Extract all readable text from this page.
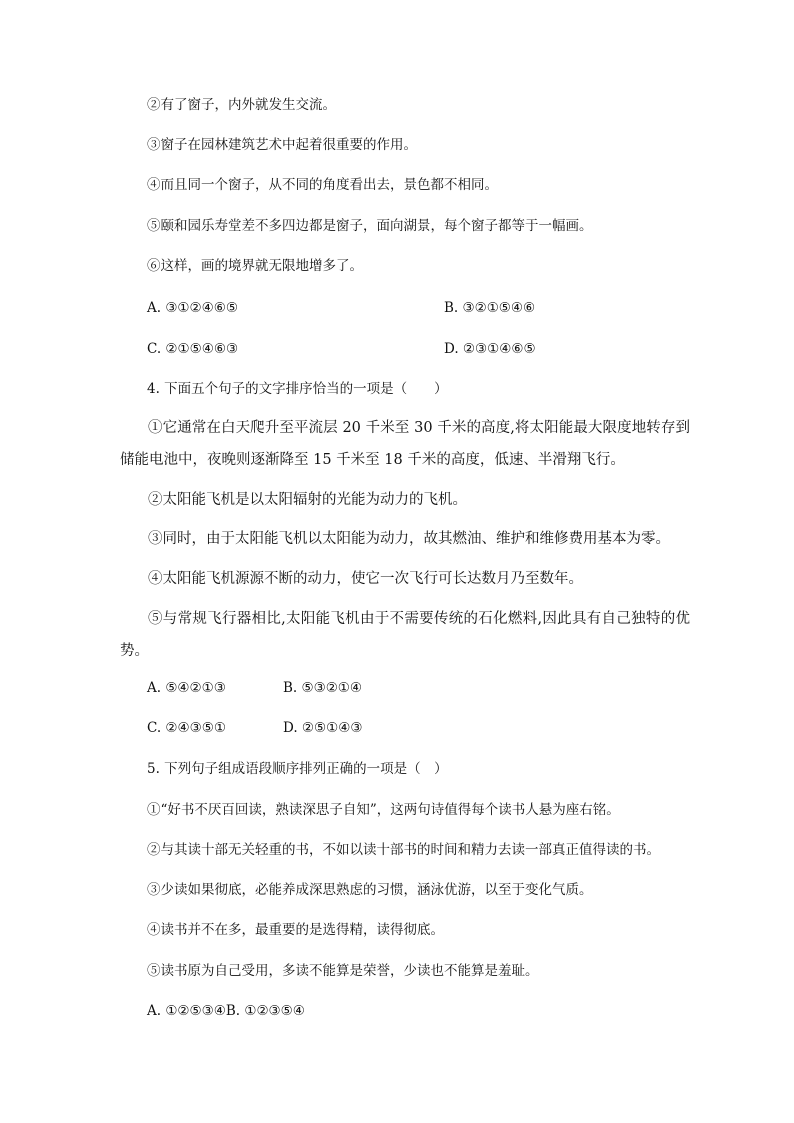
②有了窗子，内外就发生交流。
③窗子在园林建筑艺术中起着很重要的作用。
④而且同一个窗子，从不同的角度看出去，景色都不相同。
⑤颐和园乐寿堂差不多四边都是窗子，面向湖景，每个窗子都等于一幅画。
⑥这样，画的境界就无限地增多了。
A. ③①②④⑥⑤	B. ③②①⑤④⑥
C. ②①⑤④⑥③	D. ②③①④⑥⑤
4. 下面五个句子的文字排序恰当的一项是（　　）
①它通常在白天爬升至平流层 20 千米至 30 千米的高度,将太阳能最大限度地转存到储能电池中，夜晚则逐渐降至 15 千米至 18 千米的高度，低速、半滑翔飞行。
②太阳能飞机是以太阳辐射的光能为动力的飞机。
③同时，由于太阳能飞机以太阳能为动力，故其燃油、维护和维修费用基本为零。
④太阳能飞机源源不断的动力，使它一次飞行可长达数月乃至数年。
⑤与常规飞行器相比,太阳能飞机由于不需要传统的石化燃料,因此具有自己独特的优势。
A. ⑤④②①③	B. ⑤③②①④
C. ②④③⑤①	D. ②⑤①④③
5. 下列句子组成语段顺序排列正确的一项是（　）
①“好书不厌百回读，熟读深思子自知”，这两句诗值得每个读书人悬为座右铭。
②与其读十部无关轻重的书，不如以读十部书的时间和精力去读一部真正值得读的书。
③少读如果彻底，必能养成深思熟虑的习惯，涵泳优游，以至于变化气质。
④读书并不在多，最重要的是选得精，读得彻底。
⑤读书原为自己受用，多读不能算是荣誉，少读也不能算是羞耻。
A. ①②⑤③④B. ①②③⑤④
